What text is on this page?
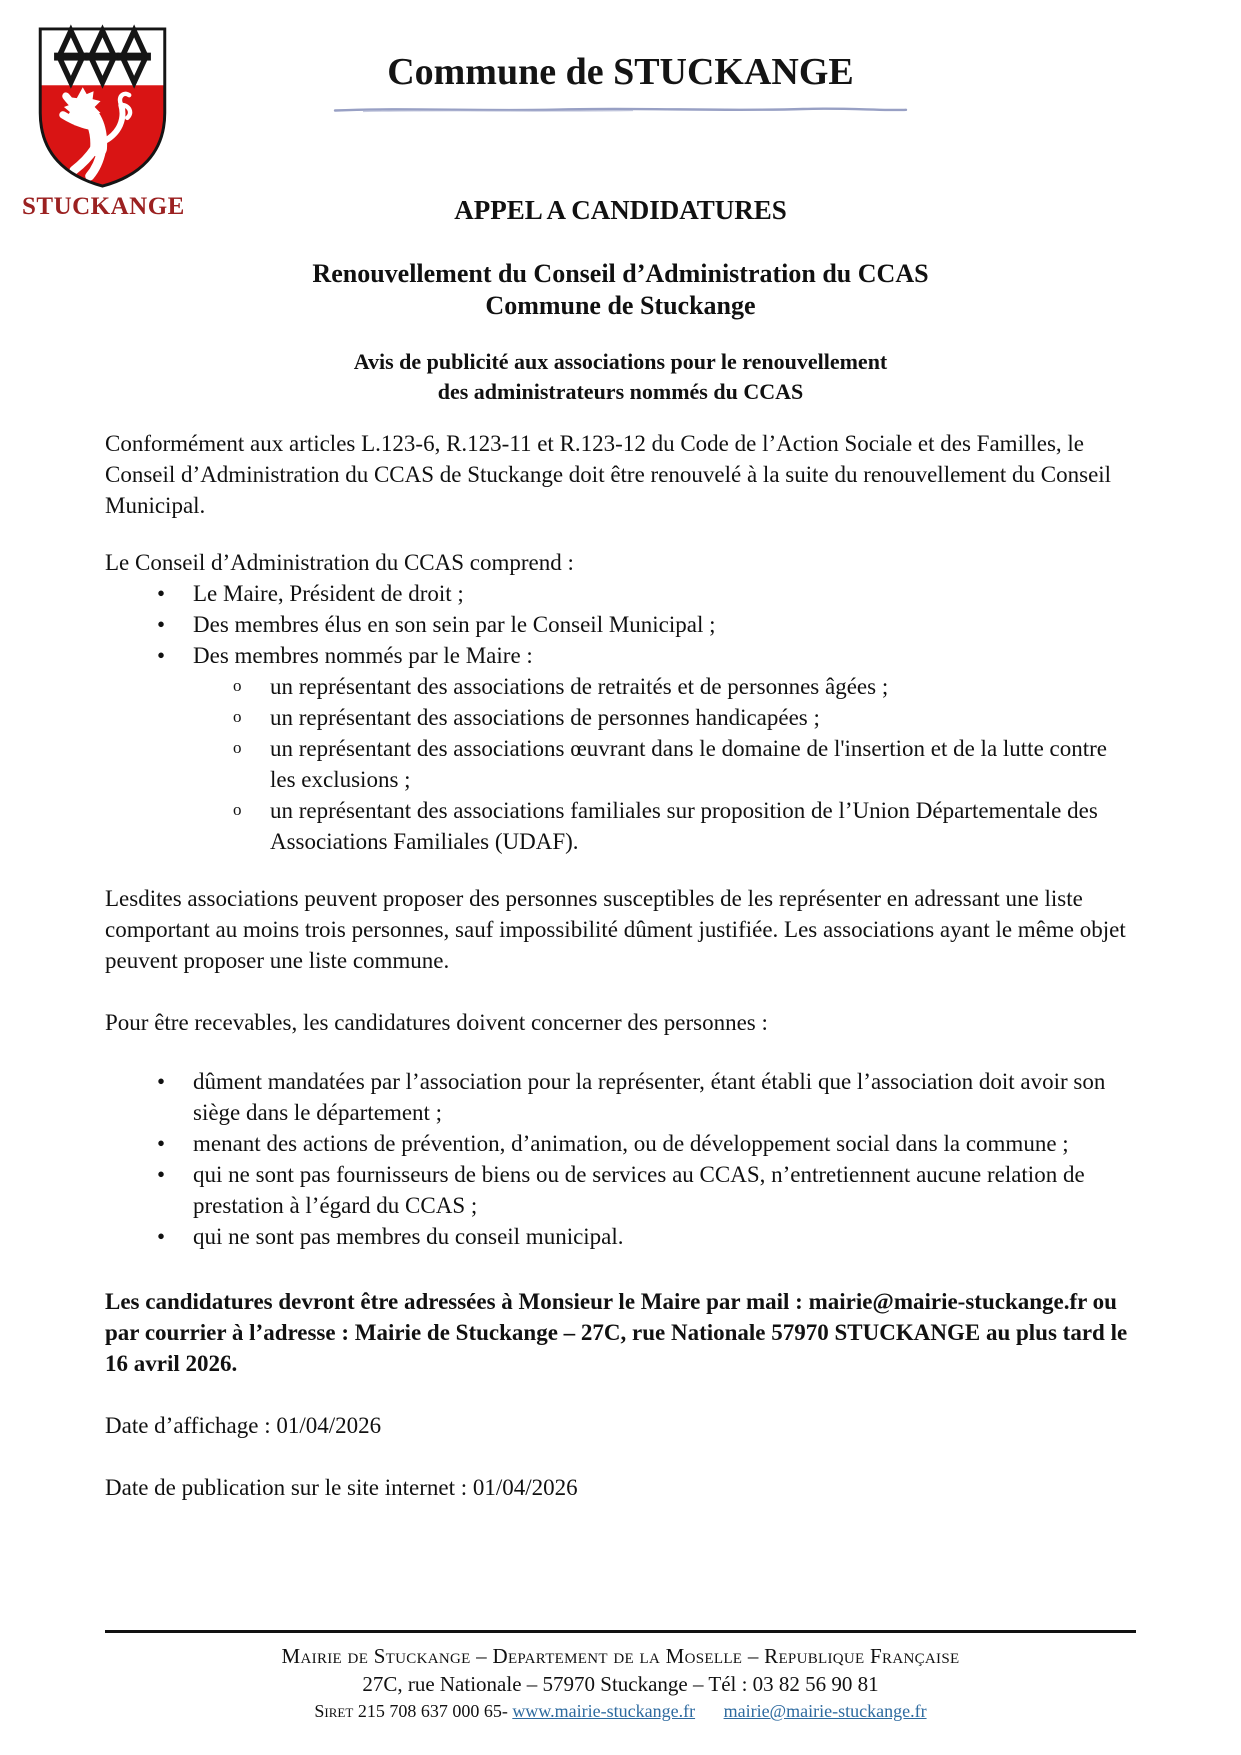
STUCKANGE
Commune de STUCKANGE
APPEL A CANDIDATURES
Renouvellement du Conseil d’Administration du CCAS
Commune de Stuckange
Avis de publicité aux associations pour le renouvellement
des administrateurs nommés du CCAS

Conformément aux articles L.123-6, R.123-11 et R.123-12 du Code de l’Action Sociale et des Familles, le Conseil d’Administration du CCAS de Stuckange doit être renouvelé à la suite du renouvellement du Conseil Municipal.

Le Conseil d’Administration du CCAS comprend :

• Le Maire, Président de droit ;
• Des membres élus en son sein par le Conseil Municipal ;
• Des membres nommés par le Maire :
o un représentant des associations de retraités et de personnes âgées ;
o un représentant des associations de personnes handicapées ;
o un représentant des associations œuvrant dans le domaine de l'insertion et de la lutte contre les exclusions ;
o un représentant des associations familiales sur proposition de l’Union Départementale des Associations Familiales (UDAF).

Lesdites associations peuvent proposer des personnes susceptibles de les représenter en adressant une liste comportant au moins trois personnes, sauf impossibilité dûment justifiée. Les associations ayant le même objet peuvent proposer une liste commune.

Pour être recevables, les candidatures doivent concerner des personnes :

• dûment mandatées par l’association pour la représenter, étant établi que l’association doit avoir son siège dans le département ;
• menant des actions de prévention, d’animation, ou de développement social dans la commune ;
• qui ne sont pas fournisseurs de biens ou de services au CCAS, n’entretiennent aucune relation de prestation à l’égard du CCAS ;
• qui ne sont pas membres du conseil municipal.

Les candidatures devront être adressées à Monsieur le Maire par mail : mairie@mairie-stuckange.fr ou par courrier à l’adresse : Mairie de Stuckange – 27C, rue Nationale 57970 STUCKANGE au plus tard le 16 avril 2026.

Date d’affichage : 01/04/2026

Date de publication sur le site internet : 01/04/2026

Mairie de Stuckange – Departement de la Moselle – Republique Française
27C, rue Nationale – 57970 Stuckange – Tél : 03 82 56 90 81
Siret 215 708 637 000 65- www.mairie-stuckange.fr mairie@mairie-stuckange.fr
